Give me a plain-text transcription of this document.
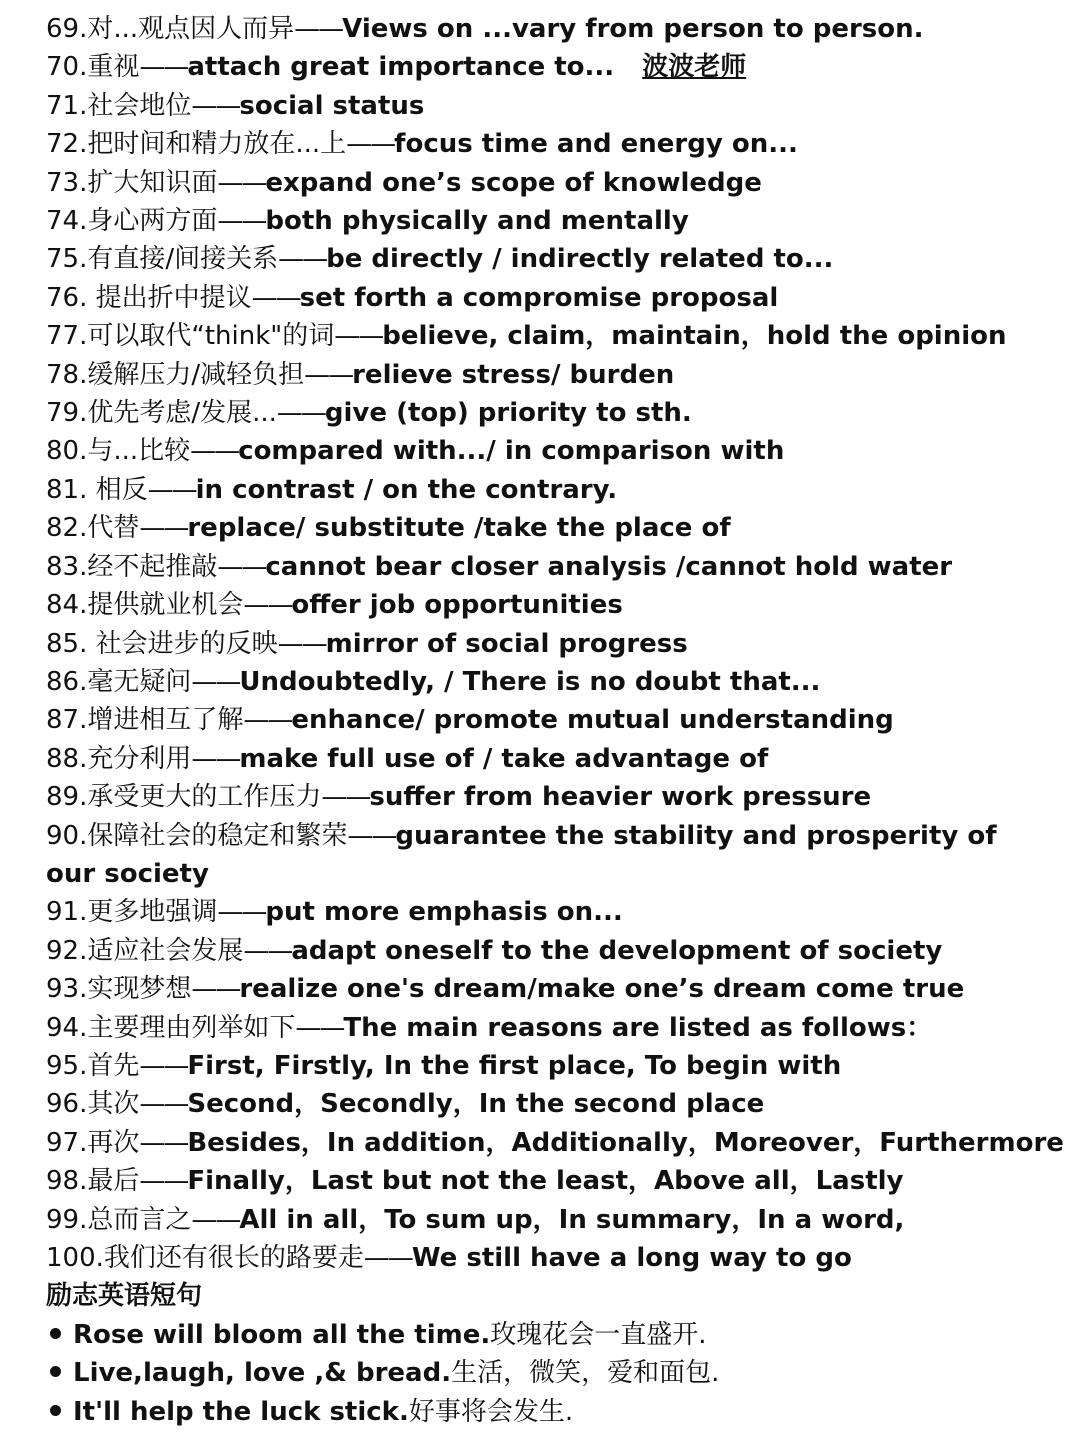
69.对...观点因人而异——Views on ...vary from person to person.
70.重视——attach great importance to... 波波老师
71.社会地位——social status
72.把时间和精力放在...上——focus time and energy on...
73.扩大知识面——expand one’s scope of knowledge
74.身心两方面——both physically and mentally
75.有直接/间接关系——be directly / indirectly related to...
76. 提出折中提议——set forth a compromise proposal
77.可以取代“think"的词——believe, claim，maintain，hold the opinion
78.缓解压力/减轻负担——relieve stress/ burden
79.优先考虑/发展...——give (top) priority to sth.
80.与...比较——compared with.../ in comparison with
81. 相反——in contrast / on the contrary.
82.代替——replace/ substitute /take the place of
83.经不起推敲——cannot bear closer analysis /cannot hold water
84.提供就业机会——offer job opportunities
85. 社会进步的反映——mirror of social progress
86.毫无疑问——Undoubtedly, / There is no doubt that...
87.增进相互了解——enhance/ promote mutual understanding
88.充分利用——make full use of / take advantage of
89.承受更大的工作压力——suffer from heavier work pressure
90.保障社会的稳定和繁荣——guarantee the stability and prosperity of our society
91.更多地强调——put more emphasis on...
92.适应社会发展——adapt oneself to the development of society
93.实现梦想——realize one's dream/make one’s dream come true
94.主要理由列举如下——The main reasons are listed as follows：
95.首先——First, Firstly, In the first place, To begin with
96.其次——Second，Secondly，In the second place
97.再次——Besides，In addition，Additionally，Moreover，Furthermore
98.最后——Finally，Last but not the least，Above all，Lastly
99.总而言之——All in all，To sum up，In summary，In a word,
100.我们还有很长的路要走——We still have a long way to go
励志英语短句
Rose will bloom all the time.玫瑰花会一直盛开.
Live,laugh, love ,& bread.生活，微笑，爱和面包.
It'll help the luck stick.好事将会发生.
